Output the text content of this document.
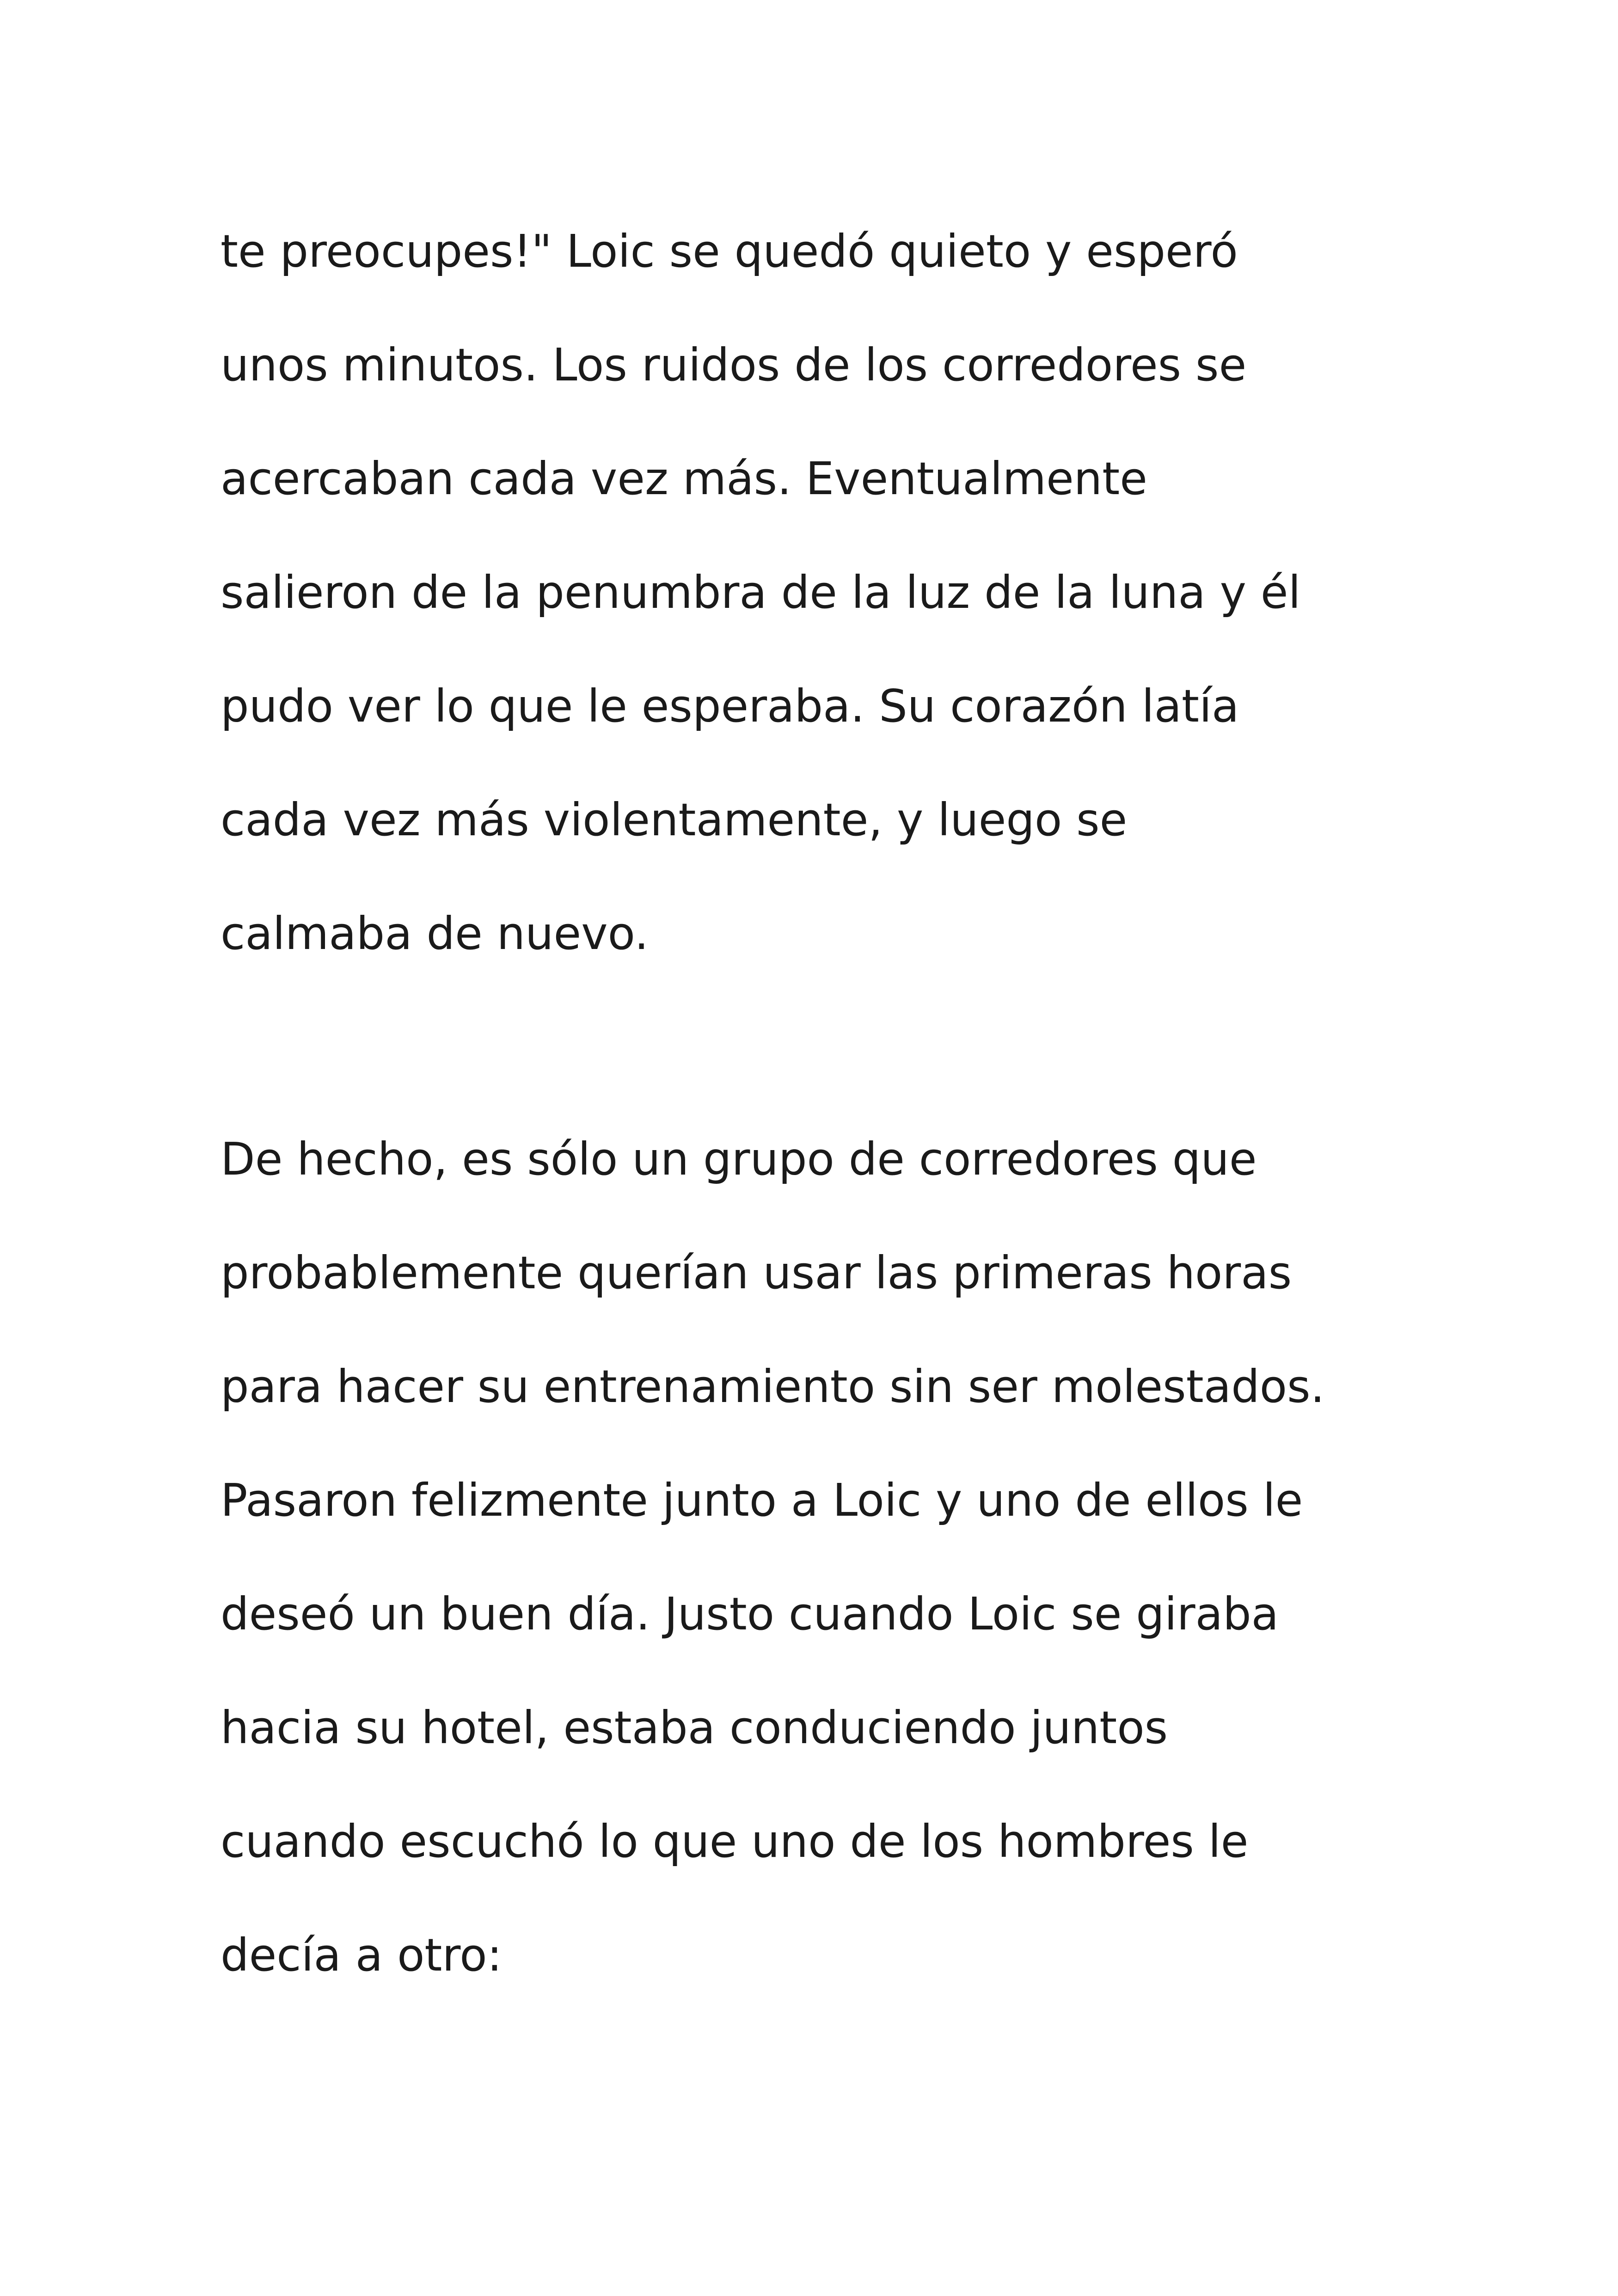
te preocupes!" Loic se quedó quieto y esperó
unos minutos. Los ruidos de los corredores se
acercaban cada vez más. Eventualmente
salieron de la penumbra de la luz de la luna y él
pudo ver lo que le esperaba. Su corazón latía
cada vez más violentamente, y luego se
calmaba de nuevo.
De hecho, es sólo un grupo de corredores que
probablemente querían usar las primeras horas
para hacer su entrenamiento sin ser molestados.
Pasaron felizmente junto a Loic y uno de ellos le
deseó un buen día. Justo cuando Loic se giraba
hacia su hotel, estaba conduciendo juntos
cuando escuchó lo que uno de los hombres le
decía a otro:
